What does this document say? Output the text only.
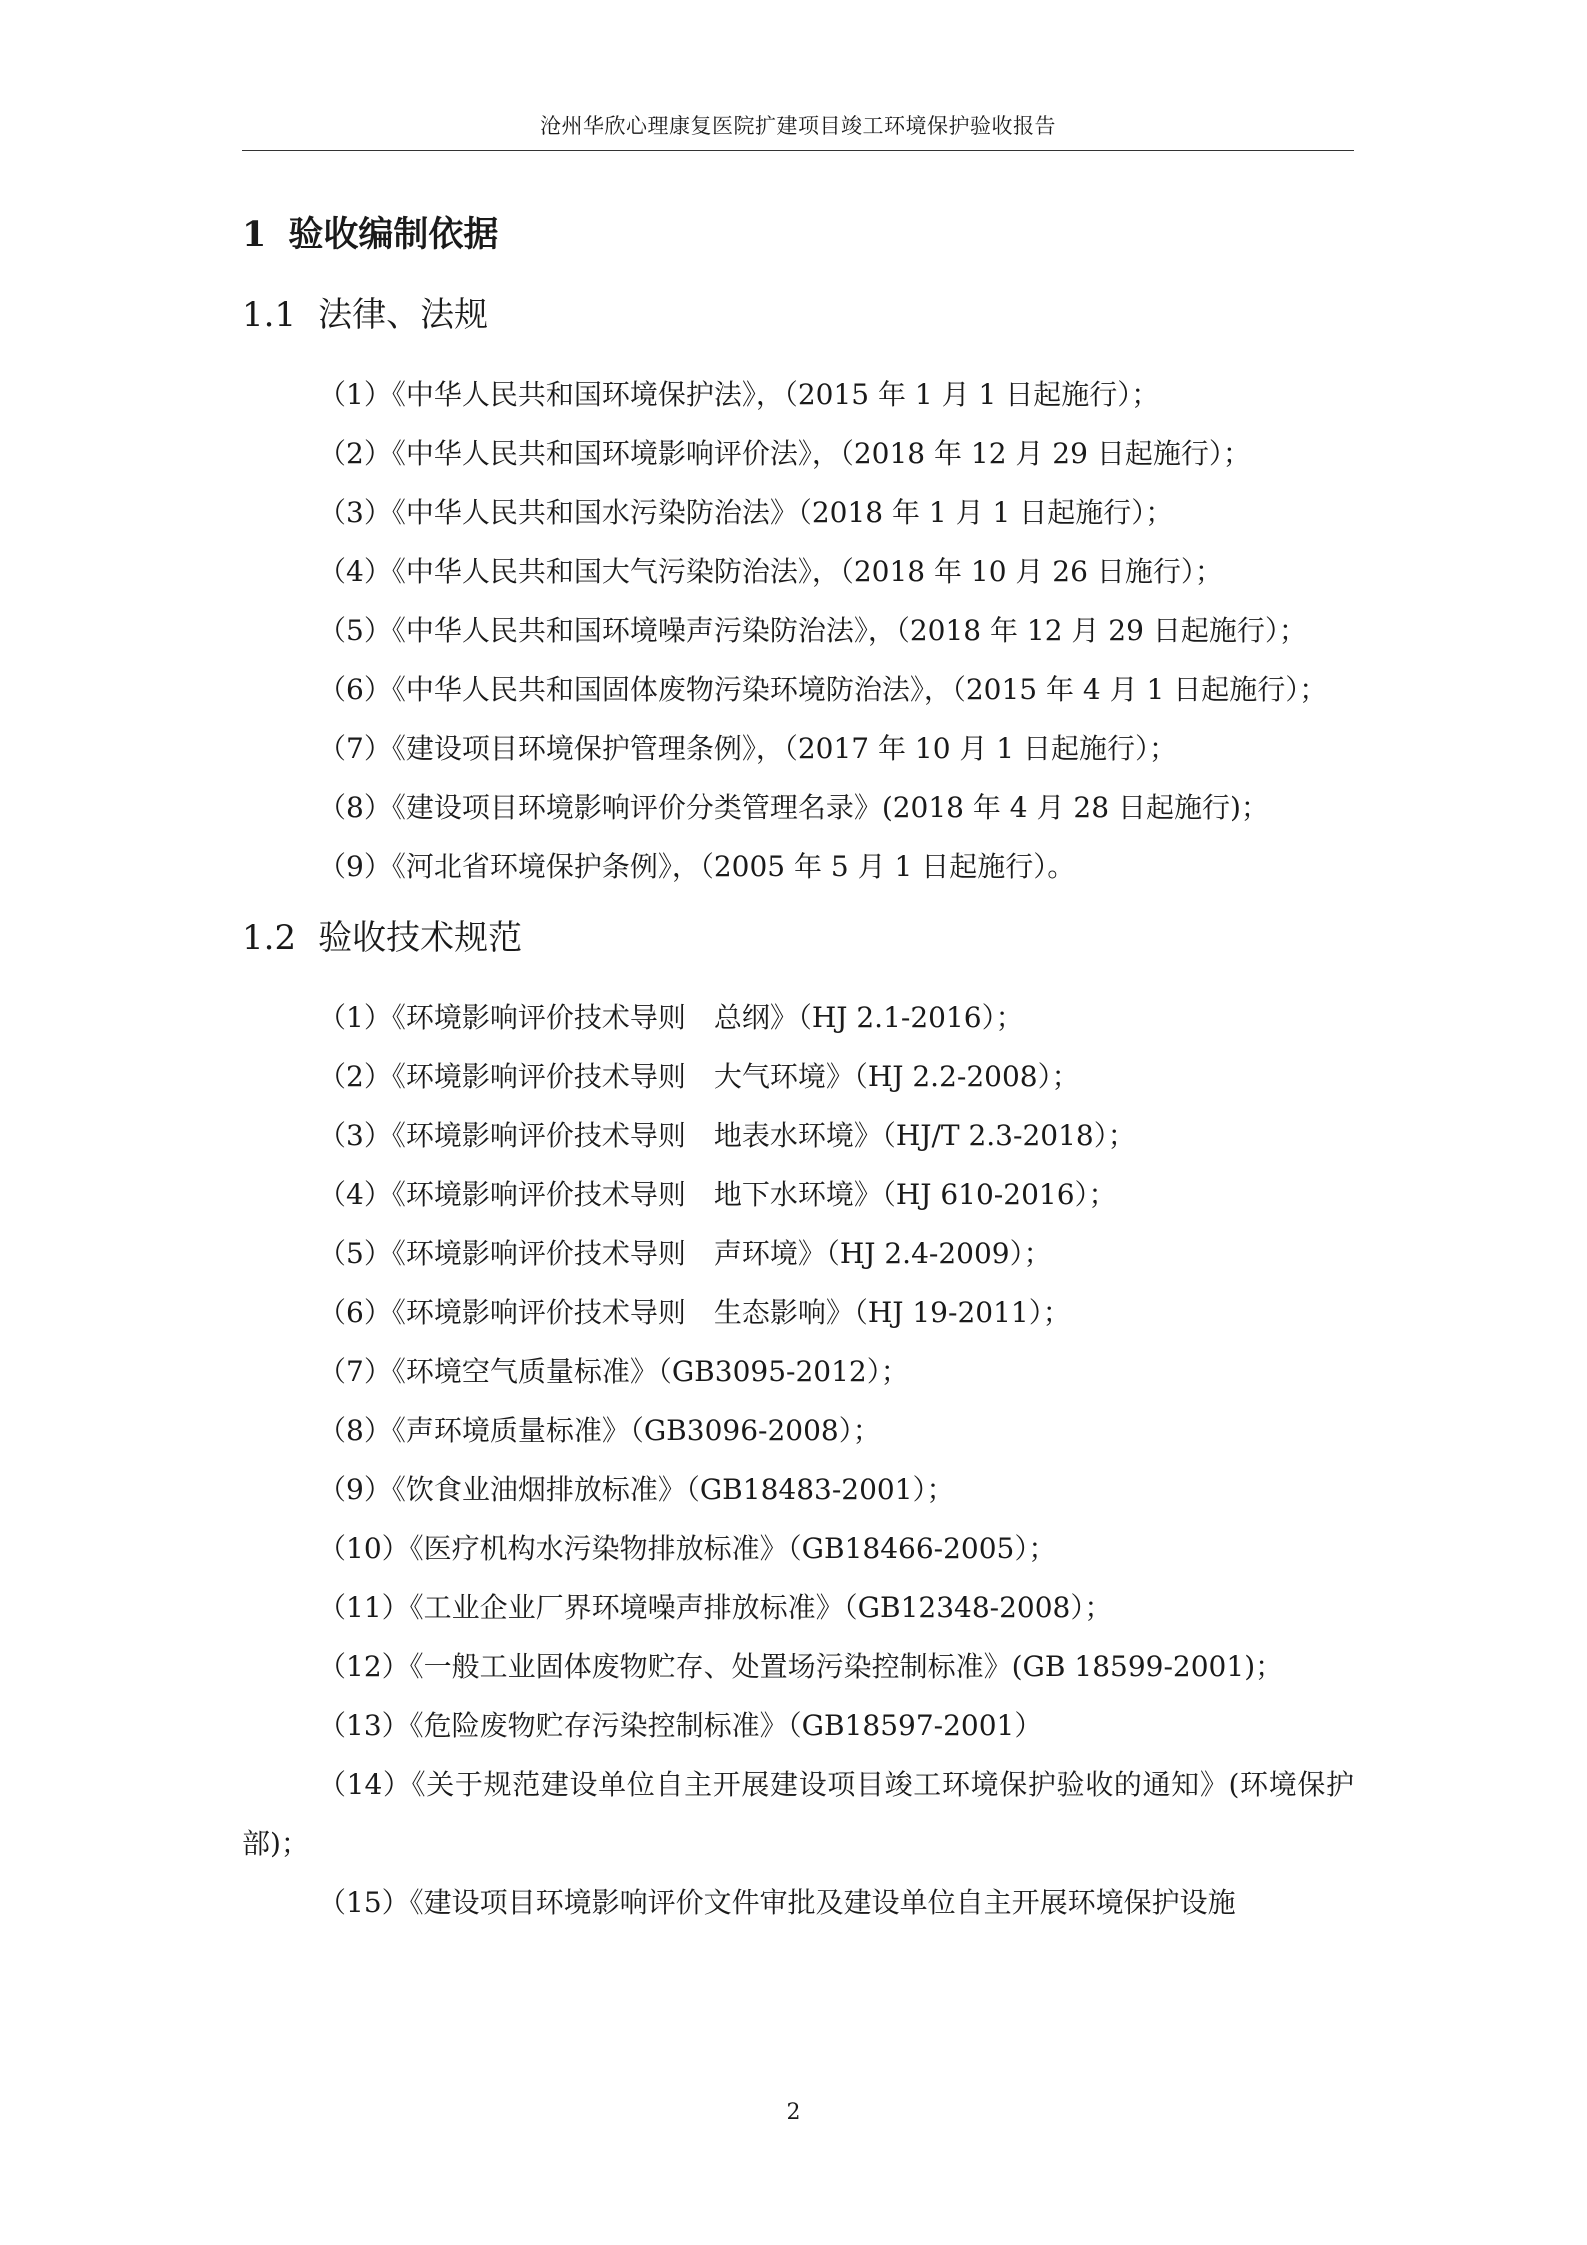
沧州华欣心理康复医院扩建项目竣工环境保护验收报告
1 验收编制依据
1.1 法律、法规

（1）《中华人民共和国环境保护法》，（2015 年 1 月 1 日起施行）；

（2）《中华人民共和国环境影响评价法》，（2018 年 12 月 29 日起施行）；

（3）《中华人民共和国水污染防治法》（2018 年 1 月 1 日起施行）；

（4）《中华人民共和国大气污染防治法》，（2018 年 10 月 26 日施行）；

（5）《中华人民共和国环境噪声污染防治法》，（2018 年 12 月 29 日起施行）；

（6）《中华人民共和国固体废物污染环境防治法》，（2015 年 4 月 1 日起施行）；

（7）《建设项目环境保护管理条例》，（2017 年 10 月 1 日起施行）；

（8）《建设项目环境影响评价分类管理名录》(2018 年 4 月 28 日起施行)；

（9）《河北省环境保护条例》，（2005 年 5 月 1 日起施行）。

1.2 验收技术规范

（1）《环境影响评价技术导则　总纲》（HJ 2.1-2016）；

（2）《环境影响评价技术导则　大气环境》（HJ 2.2-2008）；

（3）《环境影响评价技术导则　地表水环境》（HJ/T 2.3-2018）；

（4）《环境影响评价技术导则　地下水环境》（HJ 610-2016）；

（5）《环境影响评价技术导则　声环境》（HJ 2.4-2009）；

（6）《环境影响评价技术导则　生态影响》（HJ 19-2011）；

（7）《环境空气质量标准》（GB3095-2012）；

（8）《声环境质量标准》（GB3096-2008）；

（9）《饮食业油烟排放标准》（GB18483-2001）；

（10）《医疗机构水污染物排放标准》（GB18466-2005）；

（11）《工业企业厂界环境噪声排放标准》（GB12348-2008）；

（12）《一般工业固体废物贮存、处置场污染控制标准》(GB 18599-2001)；

（13）《危险废物贮存污染控制标准》（GB18597-2001）

（14）《关于规范建设单位自主开展建设项目竣工环境保护验收的通知》(环境保护部)；

（15）《建设项目环境影响评价文件审批及建设单位自主开展环境保护设施

2
